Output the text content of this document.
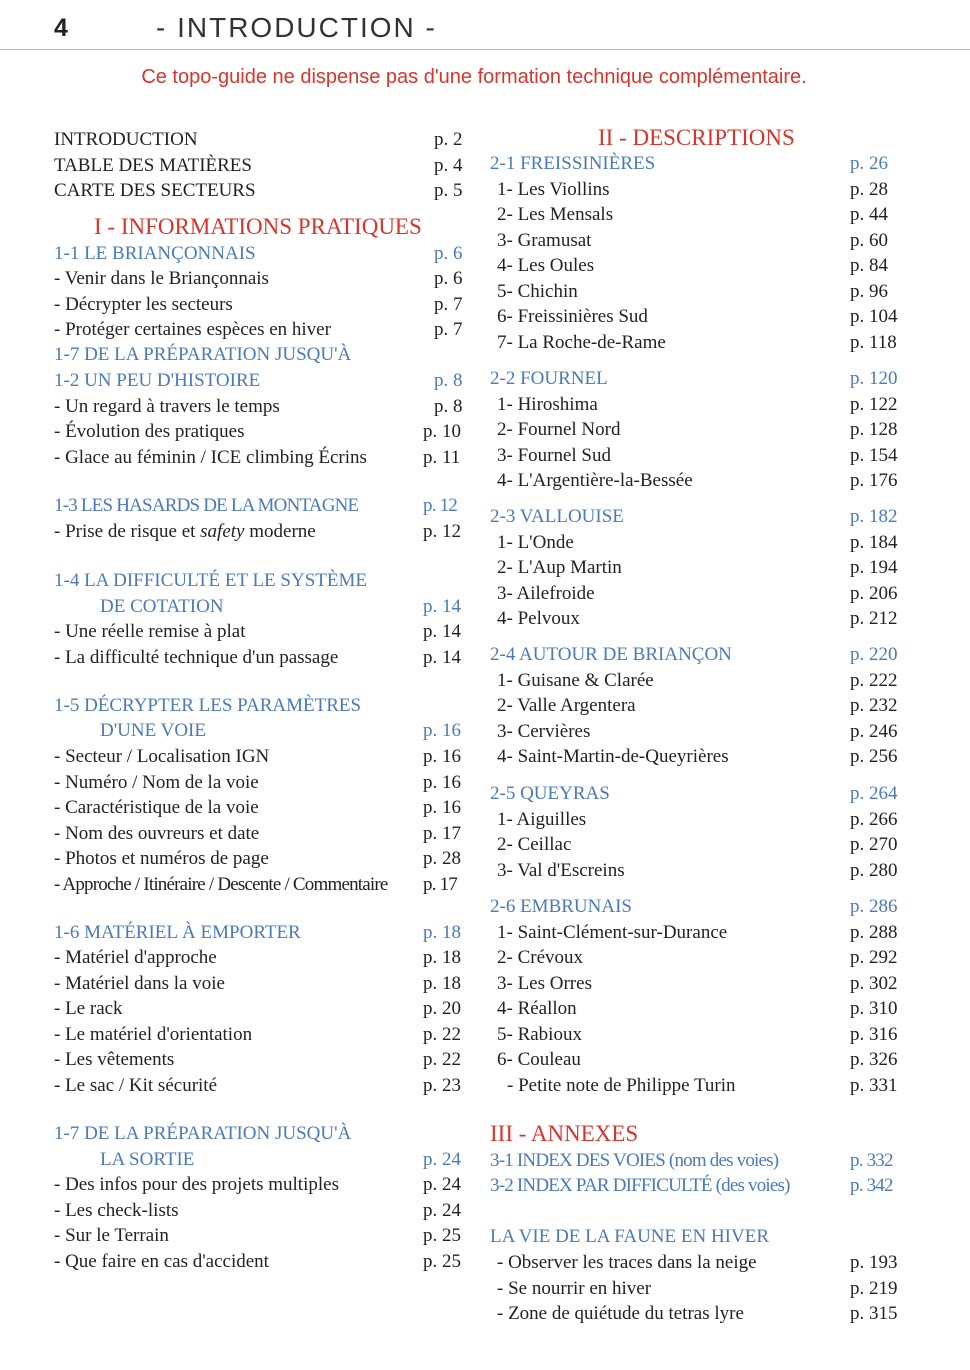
4	- INTRODUCTION -
Ce topo-guide ne dispense pas d'une formation technique complémentaire.
INTRODUCTION	p. 2
TABLE DES MATIÈRES	p. 4
CARTE DES SECTEURS	p. 5
I - INFORMATIONS PRATIQUES
1-1 LE BRIANÇONNAIS	p. 6
- Venir dans le Briançonnais	p. 6
- Décrypter les secteurs	p. 7
- Protéger certaines espèces en hiver	p. 7
1-7 DE LA PRÉPARATION JUSQU'À
1-2 UN PEU D'HISTOIRE	p. 8
- Un regard à travers le temps	p. 8
- Évolution des pratiques	p. 10
- Glace au féminin / ICE climbing Écrins	p. 11
1-3 LES HASARDS DE LA MONTAGNE	p. 12
- Prise de risque et safety moderne	p. 12
1-4 LA DIFFICULTÉ ET LE SYSTÈME
DE COTATION	p. 14
- Une réelle remise à plat	p. 14
- La difficulté technique d'un passage	p. 14
1-5 DÉCRYPTER LES PARAMÈTRES
D'UNE VOIE	p. 16
- Secteur / Localisation IGN	p. 16
- Numéro / Nom de la voie	p. 16
- Caractéristique de la voie	p. 16
- Nom des ouvreurs et date	p. 17
- Photos et numéros de page	p. 28
- Approche / Itinéraire / Descente / Commentaire p. 17
1-6 MATÉRIEL À EMPORTER	p. 18
- Matériel d'approche	p. 18
- Matériel dans la voie	p. 18
- Le rack	p. 20
- Le matériel d'orientation	p. 22
- Les vêtements	p. 22
- Le sac / Kit sécurité	p. 23
1-7 DE LA PRÉPARATION JUSQU'À
LA SORTIE	p. 24
- Des infos pour des projets multiples	p. 24
- Les check-lists	p. 24
- Sur le Terrain	p. 25
- Que faire en cas d'accident	p. 25
II - DESCRIPTIONS
2-1 FREISSINIÈRES	p. 26
1- Les Viollins	p. 28
2- Les Mensals	p. 44
3- Gramusat	p. 60
4- Les Oules	p. 84
5- Chichin	p. 96
6- Freissinières Sud	p. 104
7- La Roche-de-Rame	p. 118
2-2 FOURNEL	p. 120
1- Hiroshima	p. 122
2- Fournel Nord	p. 128
3- Fournel Sud	p. 154
4- L'Argentière-la-Bessée	p. 176
2-3 VALLOUISE	p. 182
1- L'Onde	p. 184
2- L'Aup Martin	p. 194
3- Ailefroide	p. 206
4- Pelvoux	p. 212
2-4 AUTOUR DE BRIANÇON	p. 220
1- Guisane & Clarée	p. 222
2- Valle Argentera	p. 232
3- Cervières	p. 246
4- Saint-Martin-de-Queyrières	p. 256
2-5 QUEYRAS	p. 264
1- Aiguilles	p. 266
2- Ceillac	p. 270
3- Val d'Escreins	p. 280
2-6 EMBRUNAIS	p. 286
1- Saint-Clément-sur-Durance	p. 288
2- Crévoux	p. 292
3- Les Orres	p. 302
4- Réallon	p. 310
5- Rabioux	p. 316
6- Couleau	p. 326
- Petite note de Philippe Turin	p. 331
III - ANNEXES
3-1 INDEX DES VOIES (nom des voies)	p. 332
3-2 INDEX PAR DIFFICULTÉ (des voies)	p. 342
LA VIE DE LA FAUNE EN HIVER
- Observer les traces dans la neige	p. 193
- Se nourrir en hiver	p. 219
- Zone de quiétude du tetras lyre	p. 315
